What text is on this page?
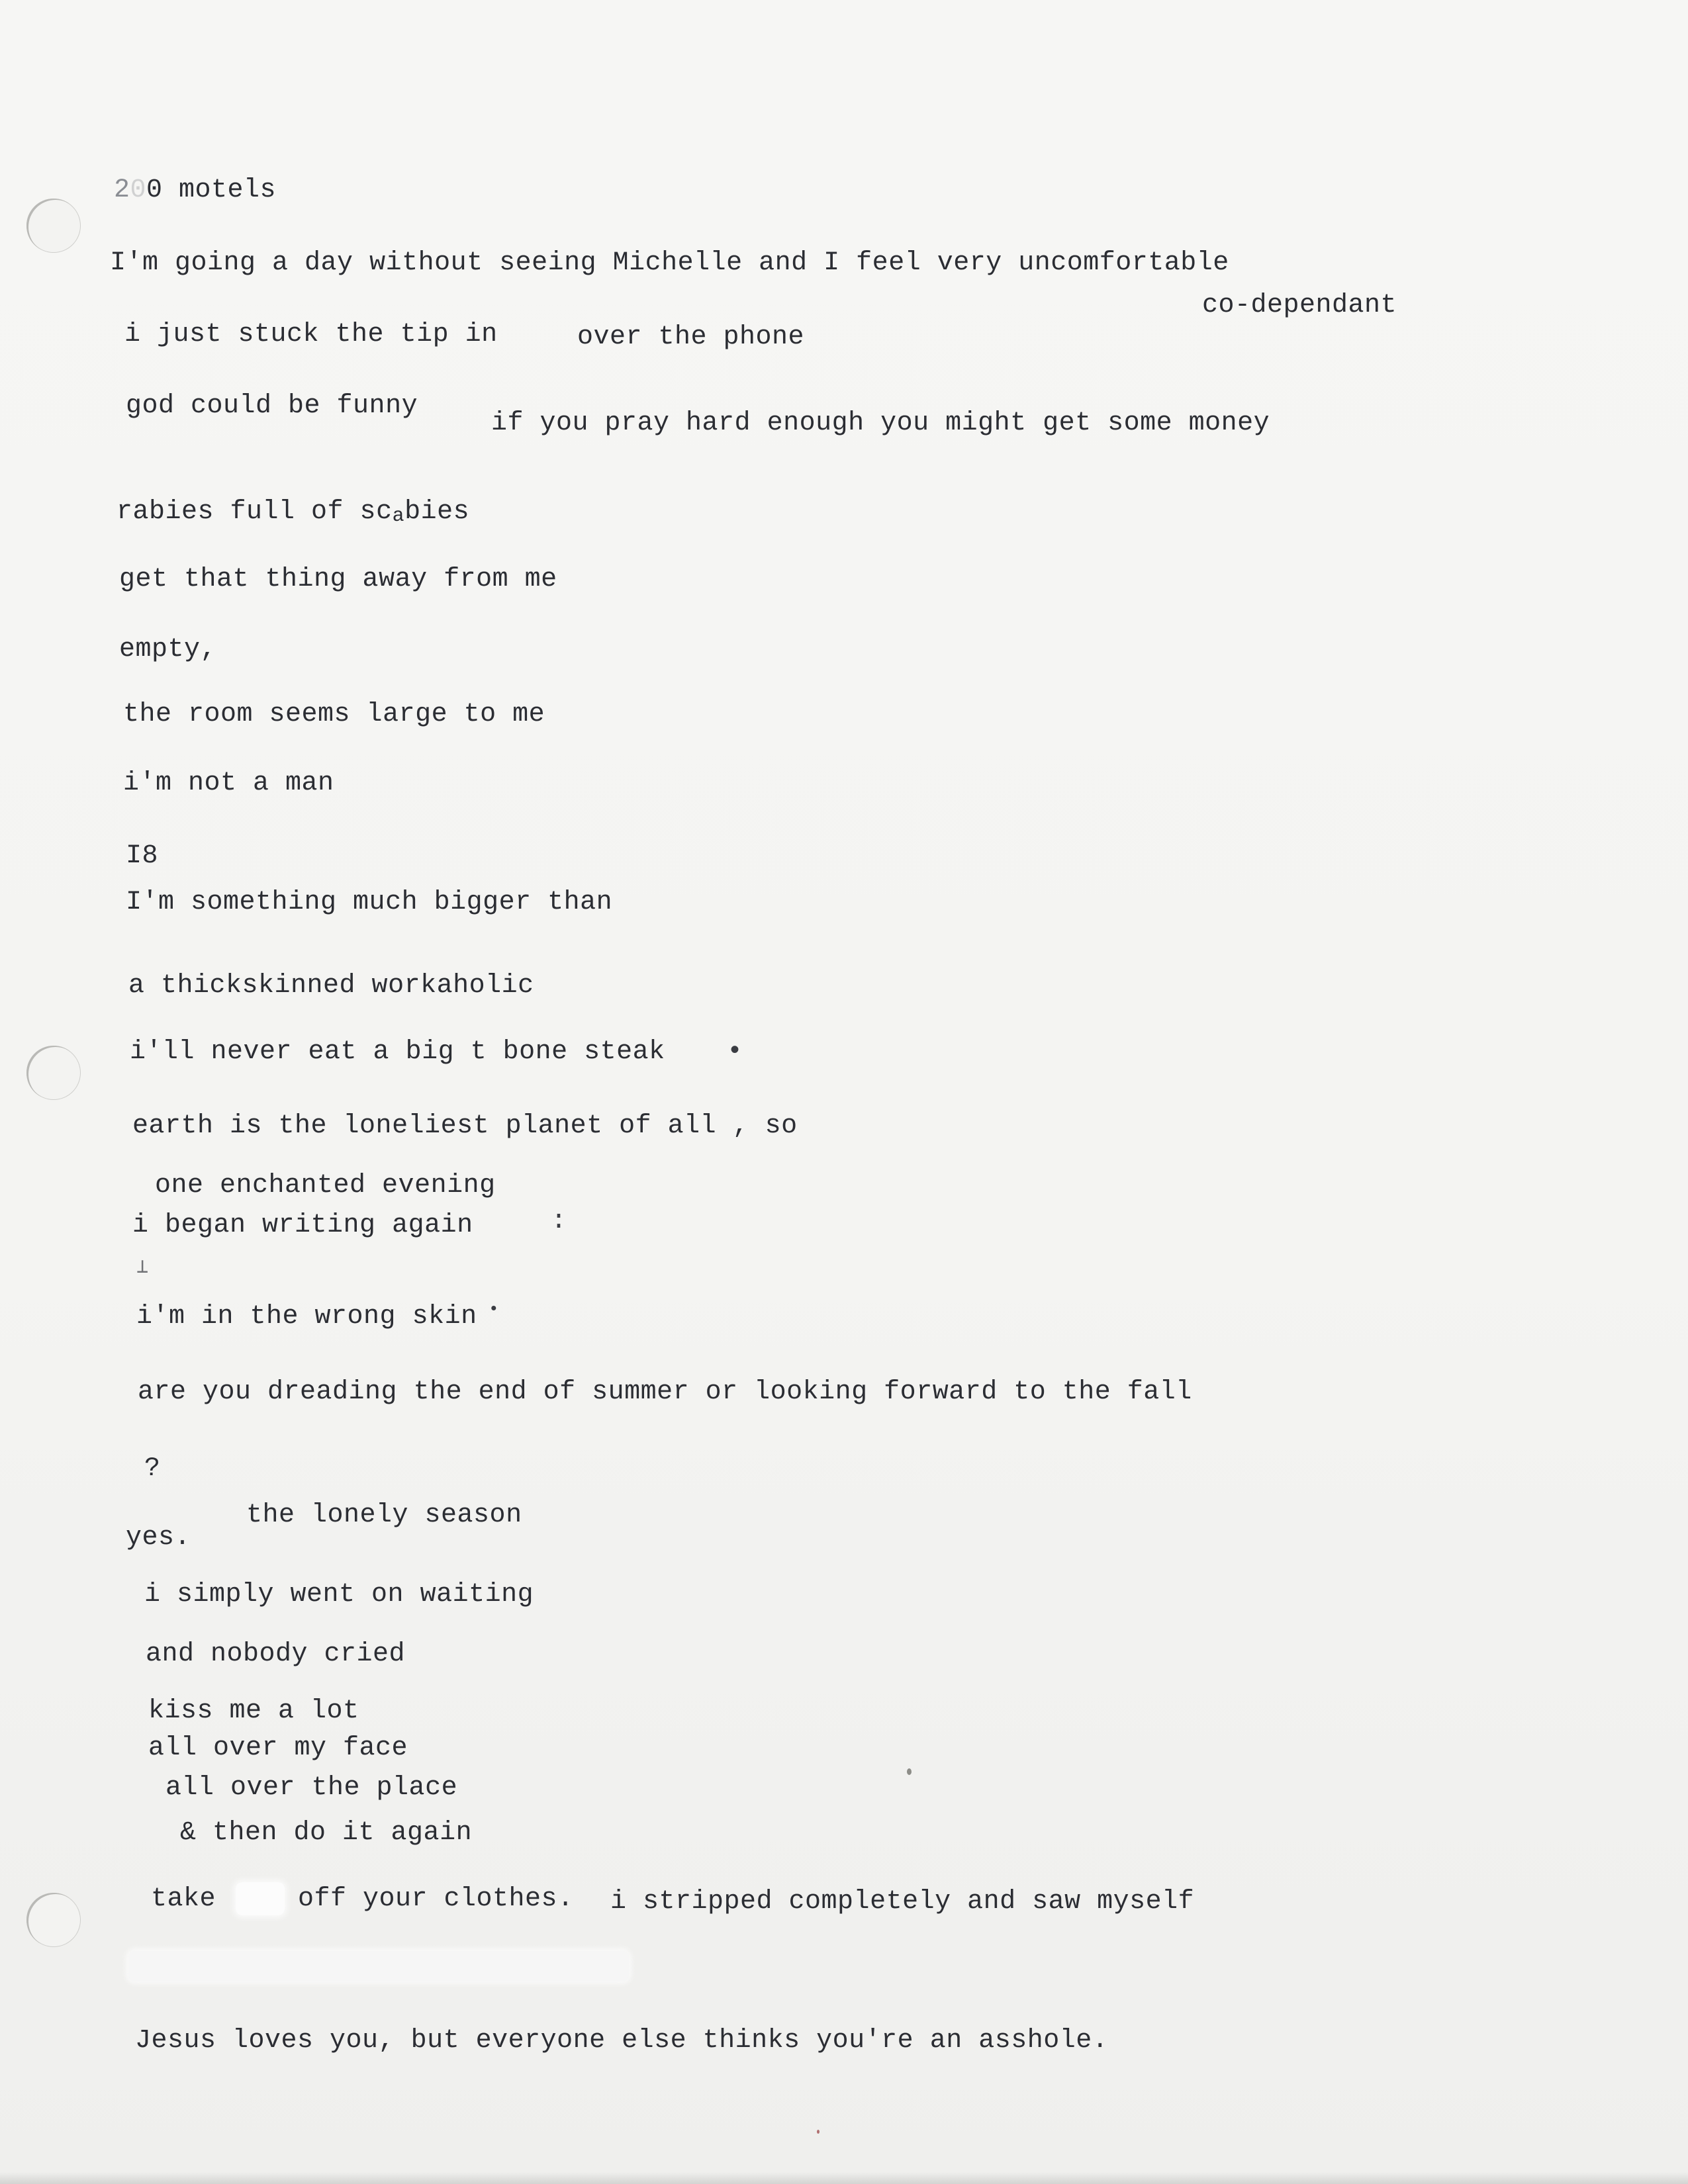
200 motels

I'm going a day without seeing Michelle and I feel very uncomfortable

co-dependant

i just stuck the tip in	over the phone

god could be funny

if you pray hard enough you might get some money

rabies full of scabies

get that thing away from me

empty,

the room seems large to me

i'm not a man

I8

I'm something much bigger than

a thickskinned workaholic

i'll never eat a big t bone steak •

earth is the loneliest planet of all , so

one enchanted evening

i began writing again	:
⊥

i'm in the wrong skin •

are you dreading the end of summer or looking forward to the fall

?

the lonely season

yes.

i simply went on waiting

and nobody cried

kiss me a lot

all over my face

all over the place

& then do it again

take	off your clothes. i stripped completely and saw myself

Jesus loves you, but everyone else thinks you're an asshole.
